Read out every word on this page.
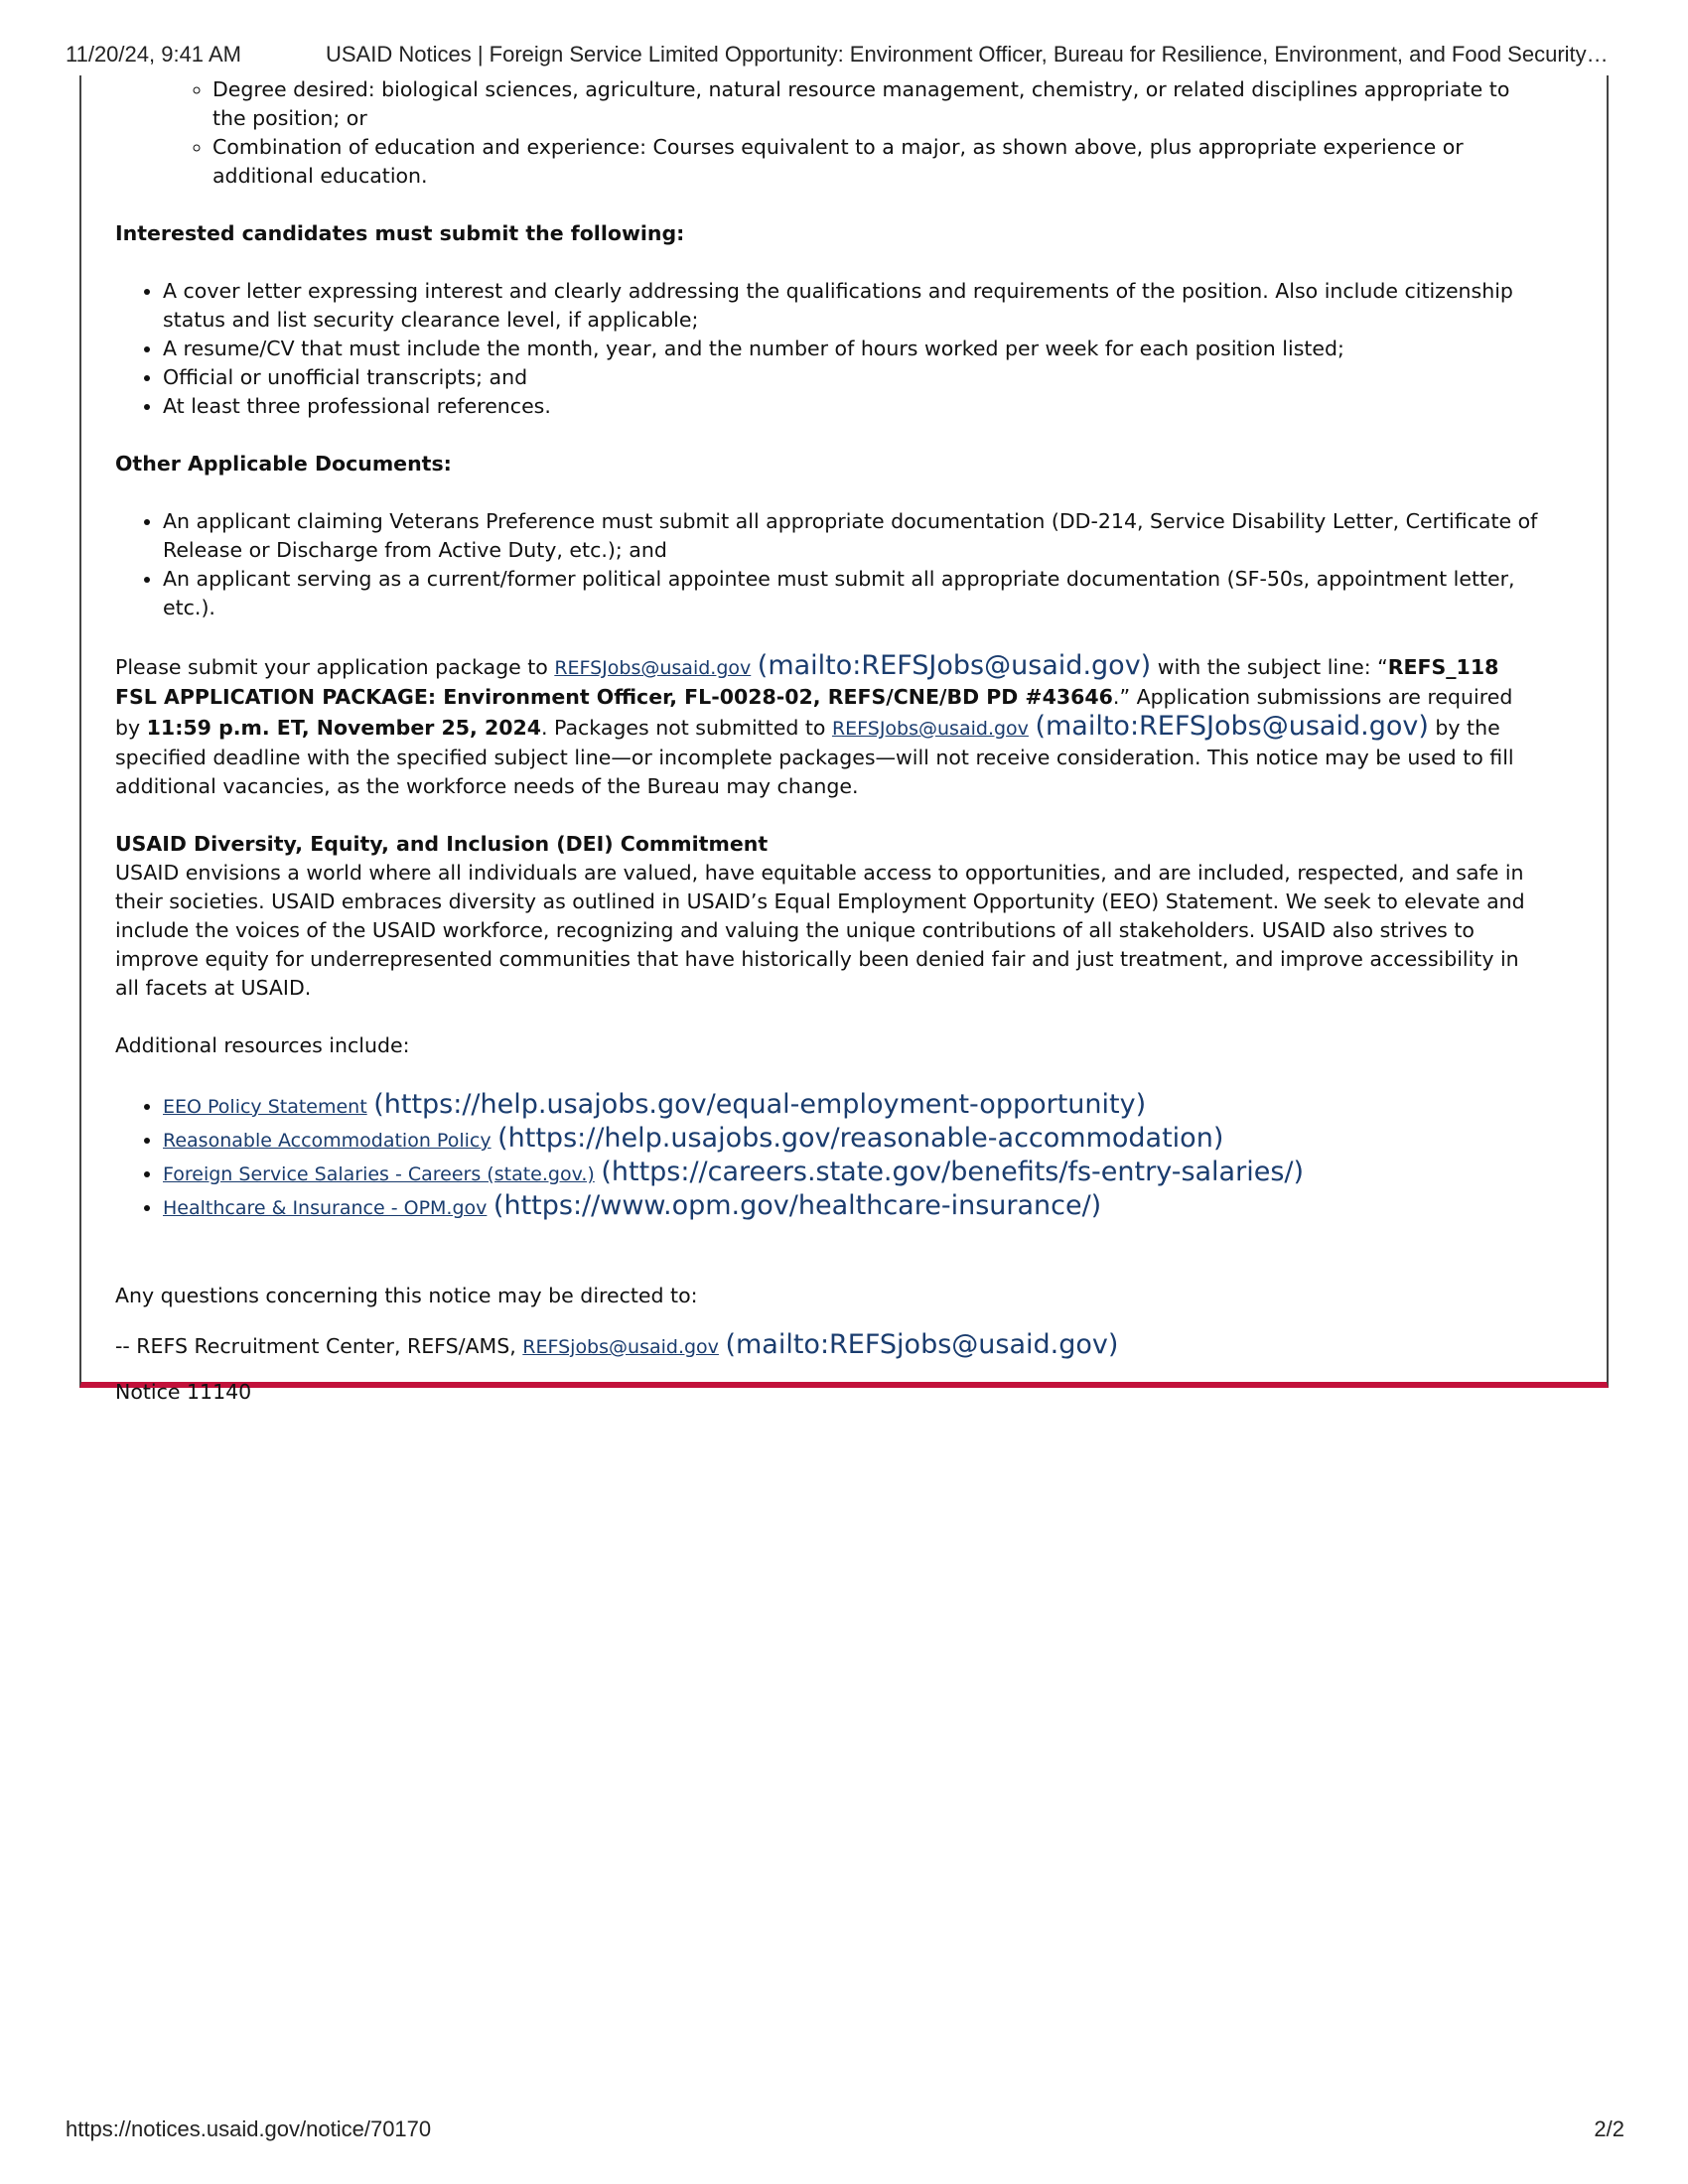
11/20/24, 9:41 AM	USAID Notices | Foreign Service Limited Opportunity: Environment Officer, Bureau for Resilience, Environment, and Food Security…
◦ Degree desired: biological sciences, agriculture, natural resource management, chemistry, or related disciplines appropriate to the position; or
◦ Combination of education and experience: Courses equivalent to a major, as shown above, plus appropriate experience or additional education.

Interested candidates must submit the following:

• A cover letter expressing interest and clearly addressing the qualifications and requirements of the position. Also include citizenship status and list security clearance level, if applicable;
• A resume/CV that must include the month, year, and the number of hours worked per week for each position listed;
• Official or unofficial transcripts; and
• At least three professional references.

Other Applicable Documents:

• An applicant claiming Veterans Preference must submit all appropriate documentation (DD-214, Service Disability Letter, Certificate of Release or Discharge from Active Duty, etc.); and
• An applicant serving as a current/former political appointee must submit all appropriate documentation (SF-50s, appointment letter, etc.).

Please submit your application package to REFSJobs@usaid.gov (mailto:REFSJobs@usaid.gov) with the subject line: “REFS_118 FSL APPLICATION PACKAGE: Environment Officer, FL-0028-02, REFS/CNE/BD PD #43646.” Application submissions are required by 11:59 p.m. ET, November 25, 2024. Packages not submitted to REFSJobs@usaid.gov (mailto:REFSJobs@usaid.gov) by the specified deadline with the specified subject line—or incomplete packages—will not receive consideration. This notice may be used to fill additional vacancies, as the workforce needs of the Bureau may change.

USAID Diversity, Equity, and Inclusion (DEI) Commitment

USAID envisions a world where all individuals are valued, have equitable access to opportunities, and are included, respected, and safe in their societies. USAID embraces diversity as outlined in USAID’s Equal Employment Opportunity (EEO) Statement. We seek to elevate and include the voices of the USAID workforce, recognizing and valuing the unique contributions of all stakeholders. USAID also strives to improve equity for underrepresented communities that have historically been denied fair and just treatment, and improve accessibility in all facets at USAID.

Additional resources include:

• EEO Policy Statement (https://help.usajobs.gov/equal-employment-opportunity)
• Reasonable Accommodation Policy (https://help.usajobs.gov/reasonable-accommodation)
• Foreign Service Salaries - Careers (state.gov.) (https://careers.state.gov/benefits/fs-entry-salaries/)
• Healthcare & Insurance - OPM.gov (https://www.opm.gov/healthcare-insurance/)

Any questions concerning this notice may be directed to:

-- REFS Recruitment Center, REFS/AMS, REFSjobs@usaid.gov (mailto:REFSjobs@usaid.gov)

Notice 11140

https://notices.usaid.gov/notice/70170	2/2
